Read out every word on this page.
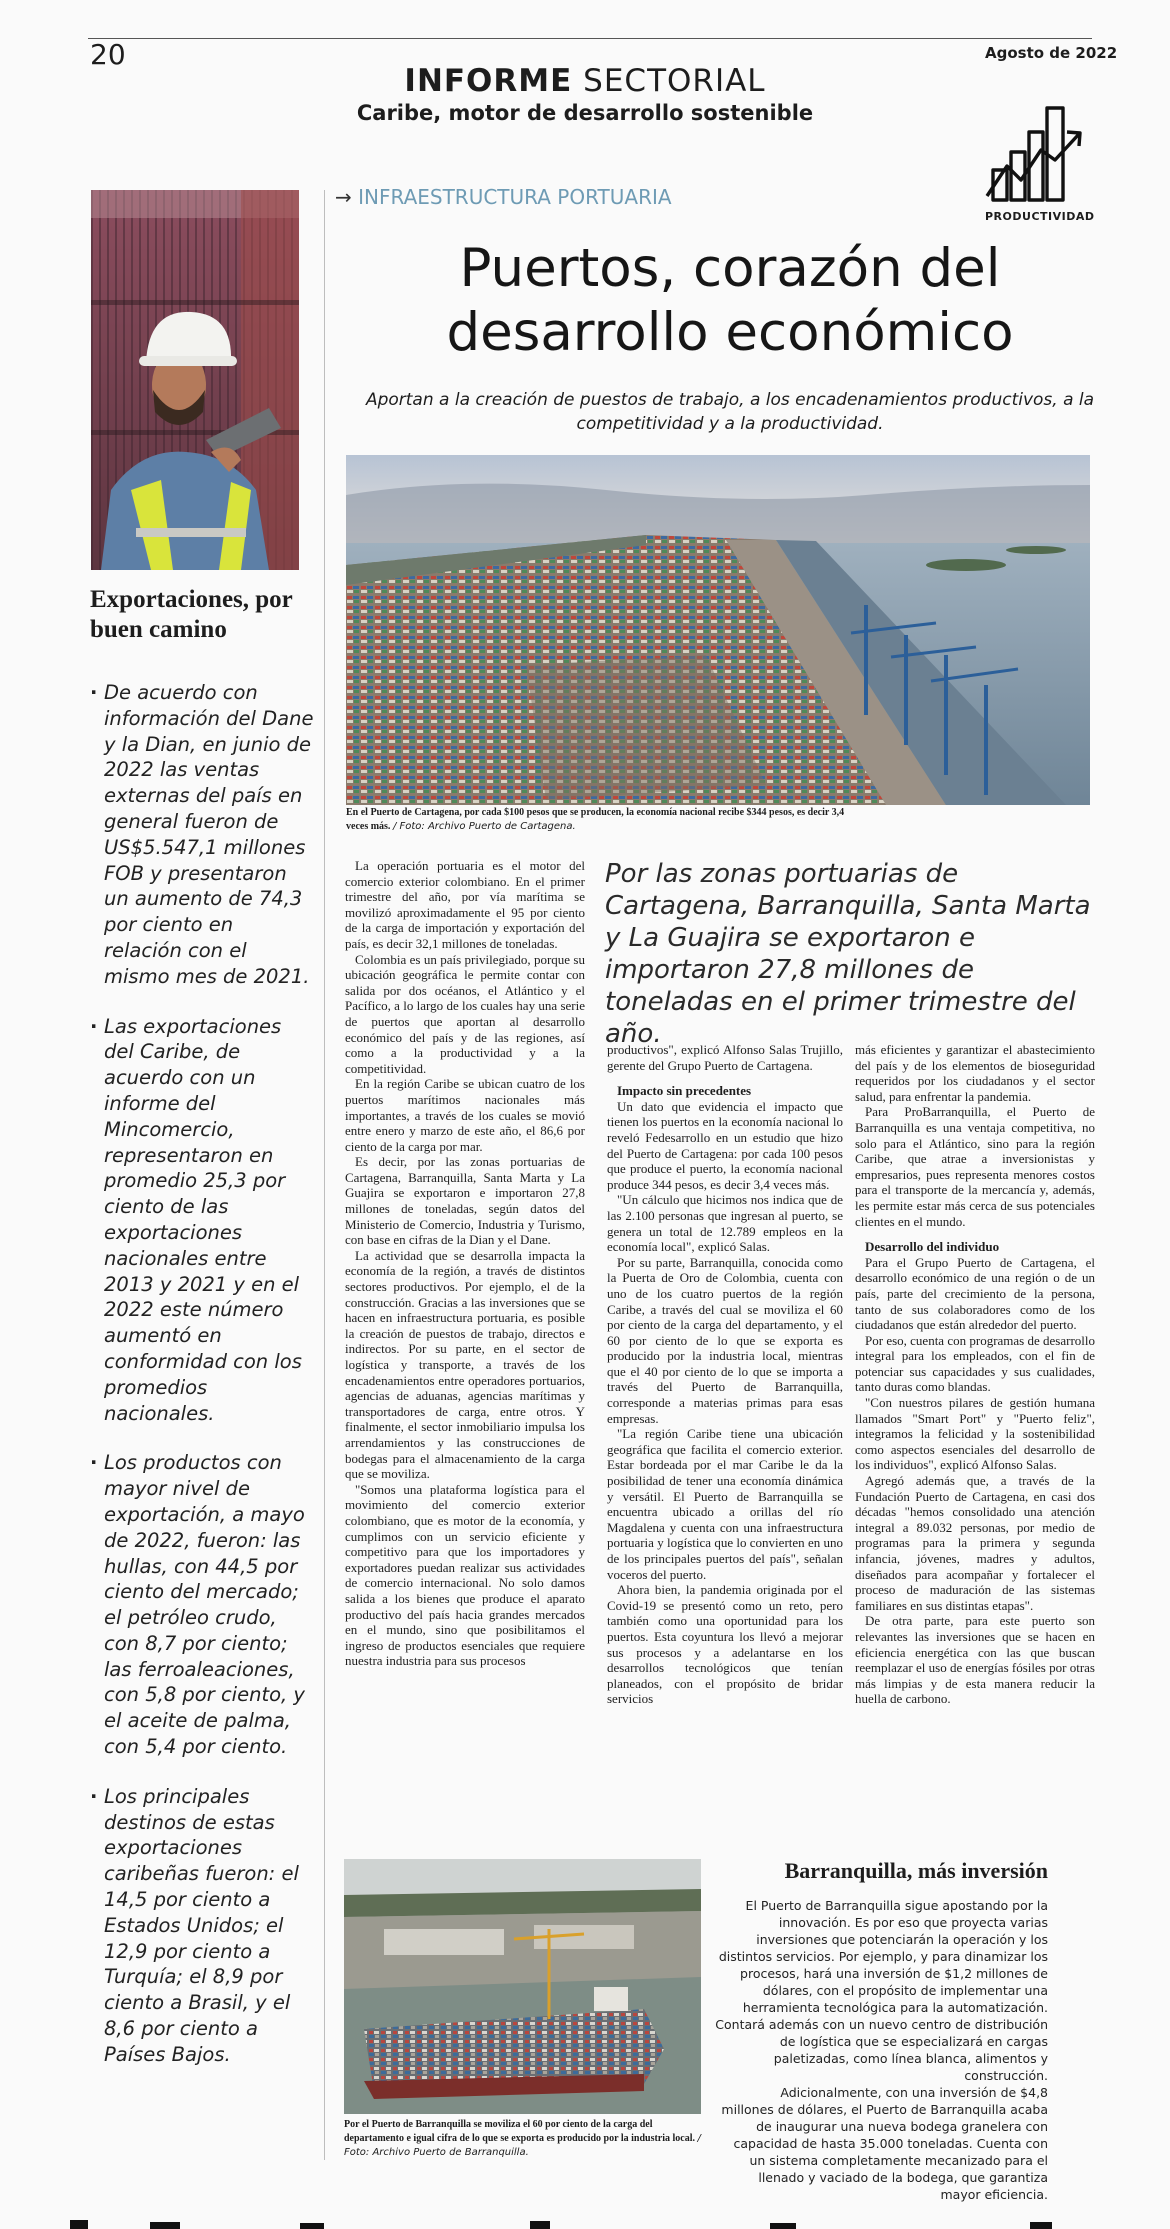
20	Agosto de 2022
INFORME SECTORIAL
Caribe, motor de desarrollo sostenible
PRODUCTIVIDAD
Exportaciones, por buen camino
· De acuerdo con información del Dane y la Dian, en junio de 2022 las ventas externas del país en general fueron de US$5.547,1 millones FOB y presentaron un aumento de 74,3 por ciento en relación con el mismo mes de 2021.
· Las exportaciones del Caribe, de acuerdo con un informe del Mincomercio, representaron en promedio 25,3 por ciento de las exportaciones nacionales entre 2013 y 2021 y en el 2022 este número aumentó en conformidad con los promedios nacionales.
· Los productos con mayor nivel de exportación, a mayo de 2022, fueron: las hullas, con 44,5 por ciento del mercado; el petróleo crudo, con 8,7 por ciento; las ferroaleaciones, con 5,8 por ciento, y el aceite de palma, con 5,4 por ciento.
· Los principales destinos de estas exportaciones caribeñas fueron: el 14,5 por ciento a Estados Unidos; el 12,9 por ciento a Turquía; el 8,9 por ciento a Brasil, y el 8,6 por ciento a Países Bajos.
→ INFRAESTRUCTURA PORTUARIA
Puertos, corazón del
desarrollo económico
Aportan a la creación de puestos de trabajo, a los encadenamientos productivos, a la competitividad y a la productividad.
En el Puerto de Cartagena, por cada $100 pesos que se producen, la economía nacional recibe $344 pesos, es decir 3,4 veces más. / Foto: Archivo Puerto de Cartagena.

La operación portuaria es el motor del comercio exterior colombiano. En el primer trimestre del año, por vía marítima se movilizó aproximadamente el 95 por ciento de la carga de importación y exportación del país, es decir 32,1 millones de toneladas.

Colombia es un país privilegiado, porque su ubicación geográfica le permite contar con salida por dos océanos, el Atlántico y el Pacífico, a lo largo de los cuales hay una serie de puertos que aportan al desarrollo económico del país y de las regiones, así como a la productividad y a la competitividad.

En la región Caribe se ubican cuatro de los puertos marítimos nacionales más importantes, a través de los cuales se movió entre enero y marzo de este año, el 86,6 por ciento de la carga por mar.

Es decir, por las zonas portuarias de Cartagena, Barranquilla, Santa Marta y La Guajira se exportaron e importaron 27,8 millones de toneladas, según datos del Ministerio de Comercio, Industria y Turismo, con base en cifras de la Dian y el Dane.

La actividad que se desarrolla impacta la economía de la región, a través de distintos sectores productivos. Por ejemplo, el de la construcción. Gracias a las inversiones que se hacen en infraestructura portuaria, es posible la creación de puestos de trabajo, directos e indirectos. Por su parte, en el sector de logística y transporte, a través de los encadenamientos entre operadores portuarios, agencias de aduanas, agencias marítimas y transportadores de carga, entre otros. Y finalmente, el sector inmobiliario impulsa los arrendamientos y las construcciones de bodegas para el almacenamiento de la carga que se moviliza.

"Somos una plataforma logística para el movimiento del comercio exterior colombiano, que es motor de la economía, y cumplimos con un servicio eficiente y competitivo para que los importadores y exportadores puedan realizar sus actividades de comercio internacional. No solo damos salida a los bienes que produce el aparato productivo del país hacia grandes mercados en el mundo, sino que posibilitamos el ingreso de productos esenciales que requiere nuestra industria para sus procesos

Por las zonas portuarias de Cartagena, Barranquilla, Santa Marta y La Guajira se exportaron e importaron 27,8 millones de toneladas en el primer trimestre del año.

productivos", explicó Alfonso Salas Trujillo, gerente del Grupo Puerto de Cartagena.

Impacto sin precedentes

Un dato que evidencia el impacto que tienen los puertos en la economía nacional lo reveló Fedesarrollo en un estudio que hizo del Puerto de Cartagena: por cada 100 pesos que produce el puerto, la economía nacional produce 344 pesos, es decir 3,4 veces más.

"Un cálculo que hicimos nos indica que de las 2.100 personas que ingresan al puerto, se genera un total de 12.789 empleos en la economía local", explicó Salas.

Por su parte, Barranquilla, conocida como la Puerta de Oro de Colombia, cuenta con uno de los cuatro puertos de la región Caribe, a través del cual se moviliza el 60 por ciento de la carga del departamento, y el 60 por ciento de lo que se exporta es producido por la industria local, mientras que el 40 por ciento de lo que se importa a través del Puerto de Barranquilla, corresponde a materias primas para esas empresas.

"La región Caribe tiene una ubicación geográfica que facilita el comercio exterior. Estar bordeada por el mar Caribe le da la posibilidad de tener una economía dinámica y versátil. El Puerto de Barranquilla se encuentra ubicado a orillas del río Magdalena y cuenta con una infraestructura portuaria y logística que lo convierten en uno de los principales puertos del país", señalan voceros del puerto.

Ahora bien, la pandemia originada por el Covid-19 se presentó como un reto, pero también como una oportunidad para los puertos. Esta coyuntura los llevó a mejorar sus procesos y a adelantarse en los desarrollos tecnológicos que tenían planeados, con el propósito de bridar servicios

más eficientes y garantizar el abastecimiento del país y de los elementos de bioseguridad requeridos por los ciudadanos y el sector salud, para enfrentar la pandemia.

Para ProBarranquilla, el Puerto de Barranquilla es una ventaja competitiva, no solo para el Atlántico, sino para la región Caribe, que atrae a inversionistas y empresarios, pues representa menores costos para el transporte de la mercancía y, además, les permite estar más cerca de sus potenciales clientes en el mundo.

Desarrollo del individuo

Para el Grupo Puerto de Cartagena, el desarrollo económico de una región o de un país, parte del crecimiento de la persona, tanto de sus colaboradores como de los ciudadanos que están alrededor del puerto.

Por eso, cuenta con programas de desarrollo integral para los empleados, con el fin de potenciar sus capacidades y sus cualidades, tanto duras como blandas.

"Con nuestros pilares de gestión humana llamados "Smart Port" y "Puerto feliz", integramos la felicidad y la sostenibilidad como aspectos esenciales del desarrollo de los individuos", explicó Alfonso Salas.

Agregó además que, a través de la Fundación Puerto de Cartagena, en casi dos décadas "hemos consolidado una atención integral a 89.032 personas, por medio de programas para la primera y segunda infancia, jóvenes, madres y adultos, diseñados para acompañar y fortalecer el proceso de maduración de las sistemas familiares en sus distintas etapas".

De otra parte, para este puerto son relevantes las inversiones que se hacen en eficiencia energética con las que buscan reemplazar el uso de energías fósiles por otras más limpias y de esta manera reducir la huella de carbono.

Por el Puerto de Barranquilla se moviliza el 60 por ciento de la carga del departamento e igual cifra de lo que se exporta es producido por la industria local. / Foto: Archivo Puerto de Barranquilla.
Barranquilla, más inversión

El Puerto de Barranquilla sigue apostando por la innovación. Es por eso que proyecta varias inversiones que potenciarán la operación y los distintos servicios. Por ejemplo, y para dinamizar los procesos, hará una inversión de $1,2 millones de dólares, con el propósito de implementar una herramienta tecnológica para la automatización. Contará además con un nuevo centro de distribución de logística que se especializará en cargas paletizadas, como línea blanca, alimentos y construcción.

Adicionalmente, con una inversión de $4,8 millones de dólares, el Puerto de Barranquilla acaba de inaugurar una nueva bodega granelera con capacidad de hasta 35.000 toneladas. Cuenta con un sistema completamente mecanizado para el llenado y vaciado de la bodega, que garantiza mayor eficiencia.
